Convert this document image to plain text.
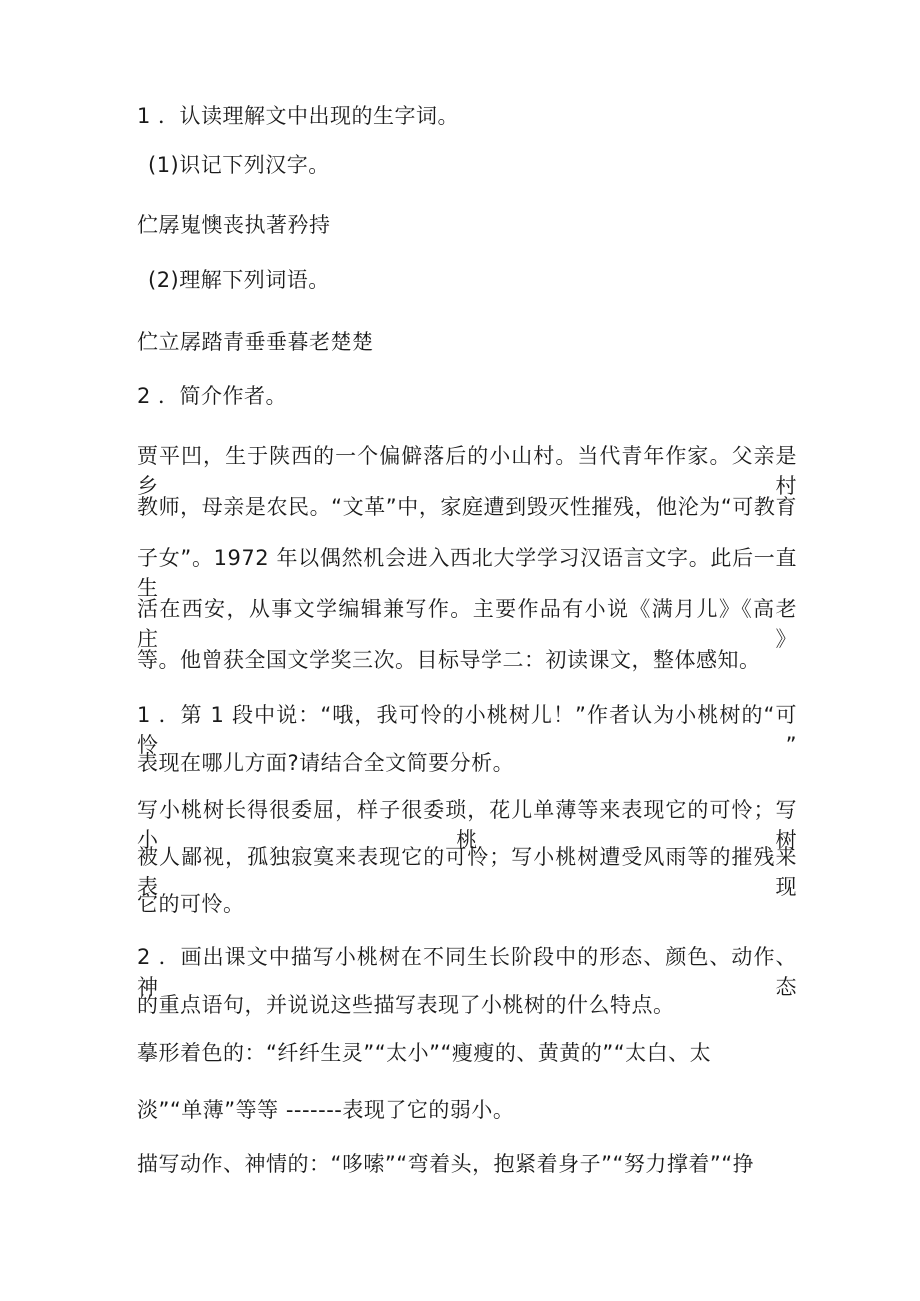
1 ．认读理解文中出现的生字词。
(1)识记下列汉字。
伫孱嵬懊丧执著矜持
(2)理解下列词语。
伫立孱踏青垂垂暮老楚楚
2 ．简介作者。
贾平凹，生于陕西的一个偏僻落后的小山村。当代青年作家。父亲是乡村
教师，母亲是农民。“文革”中，家庭遭到毁灭性摧残，他沦为“可教育
子女”。1972 年以偶然机会进入西北大学学习汉语言文字。此后一直生
活在西安，从事文学编辑兼写作。主要作品有小说《满月儿》《高老庄》
等。他曾获全国文学奖三次。目标导学二：初读课文，整体感知。
1 ．第 1 段中说：“哦，我可怜的小桃树儿！”作者认为小桃树的“可怜”
表现在哪儿方面?请结合全文简要分析。
写小桃树长得很委屈，样子很委琐，花儿单薄等来表现它的可怜；写小桃树
被人鄙视，孤独寂寞来表现它的可怜；写小桃树遭受风雨等的摧残来表现
它的可怜。
2 ．画出课文中描写小桃树在不同生长阶段中的形态、颜色、动作、神态
的重点语句，并说说这些描写表现了小桃树的什么特点。
摹形着色的：“纤纤生灵”“太小”“瘦瘦的、黄黄的”“太白、太
淡”“单薄”等等 -------表现了它的弱小。
描写动作、神情的：“哆嗦”“弯着头，抱紧着身子”“努力撑着”“挣
